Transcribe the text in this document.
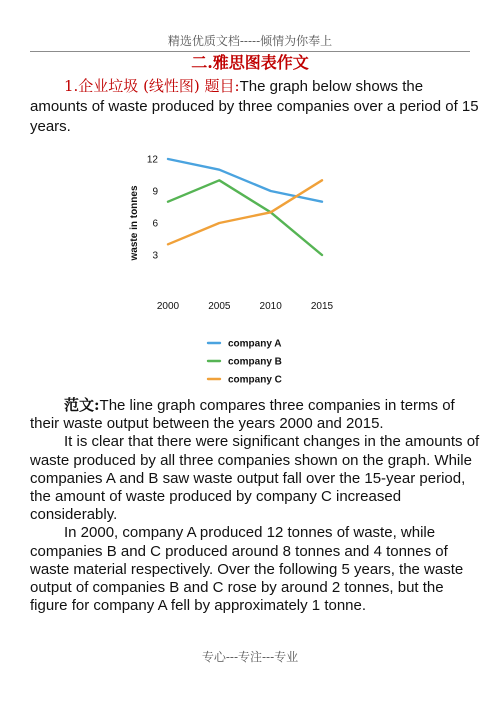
精选优质文档-----倾情为你奉上
二.雅思图表作文
1.企业垃圾 (线性图) 题目:The graph below shows the amounts of waste produced by three companies over a period of 15 years.
3
6
9
12
2000	2005	2010	2015
waste in tonnes
company A
company B
company C

范文:The line graph compares three companies in terms of their waste output between the years 2000 and 2015.

It is clear that there were significant changes in the amounts of waste produced by all three companies shown on the graph. While companies A and B saw waste output fall over the 15-year period, the amount of waste produced by company C increased considerably.

In 2000, company A produced 12 tonnes of waste, while companies B and C produced around 8 tonnes and 4 tonnes of waste material respectively. Over the following 5 years, the waste output of companies B and C rose by around 2 tonnes, but the figure for company A fell by approximately 1 tonne.

专心---专注---专业
